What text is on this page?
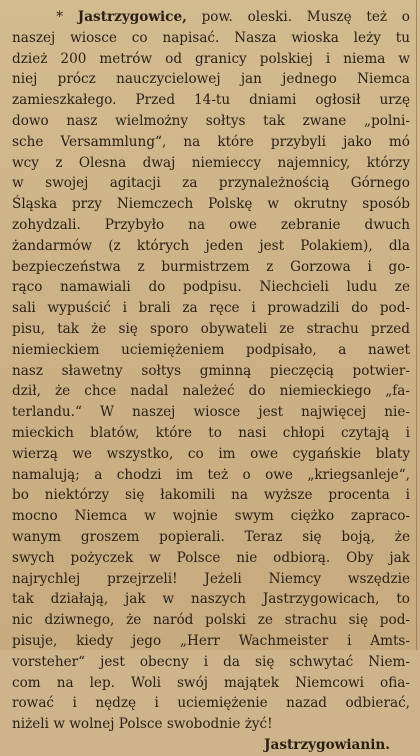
* Jastrzygowice, pow. oleski. Muszę też o
naszej wiosce co napisać. Nasza wioska leży tu
dzież 200 metrów od granicy polskiej i niema w
niej prócz nauczycielowej jan jednego Niemca
zamieszkałego. Przed 14-tu dniami ogłosił urzę
dowo nasz wielmożny sołtys tak zwane „polni-
sche Versammlung“, na które przybyli jako mó
wcy z Olesna dwaj niemieccy najemnicy, którzy
w swojej agitacji za przynależnością Górnego
Śląska przy Niemczech Polskę w okrutny sposób
zohydzali. Przybyło na owe zebranie dwuch
żandarmów (z których jeden jest Polakiem), dla
bezpieczeństwa z burmistrzem z Gorzowa i go-
rąco namawiali do podpisu. Niechcieli ludu ze
sali wypuścić i brali za ręce i prowadzili do pod-
pisu, tak że się sporo obywateli ze strachu przed
niemieckiem uciemiężeniem podpisało, a nawet
nasz sławetny sołtys gminną pieczęcią potwier-
dził, że chce nadal należeć do niemieckiego „fa-
terlandu.“ W naszej wiosce jest najwięcej nie-
mieckich blatów, które to nasi chłopi czytają i
wierzą we wszystko, co im owe cygańskie blaty
namalują; a chodzi im też o owe „kriegsanleje“,
bo niektórzy się łakomili na wyższe procenta i
mocno Niemca w wojnie swym ciężko zapraco-
wanym groszem popierali. Teraz się boją, że
swych pożyczek w Polsce nie odbiorą. Oby jak
najrychlej przejrzeli! Jeżeli Niemcy wszędzie
tak działają, jak w naszych Jastrzygowicach, to
nic dziwnego, że naród polski ze strachu się pod-
pisuje, kiedy jego „Herr Wachmeister i Amts-
vorsteher“ jest obecny i da się schwytać Niem-
com na lep. Woli swój majątek Niemcowi ofia-
rować i nędzę i uciemiężenie nazad odbierać,
niżeli w wolnej Polsce swobodnie żyć!
Jastrzygowianin.
